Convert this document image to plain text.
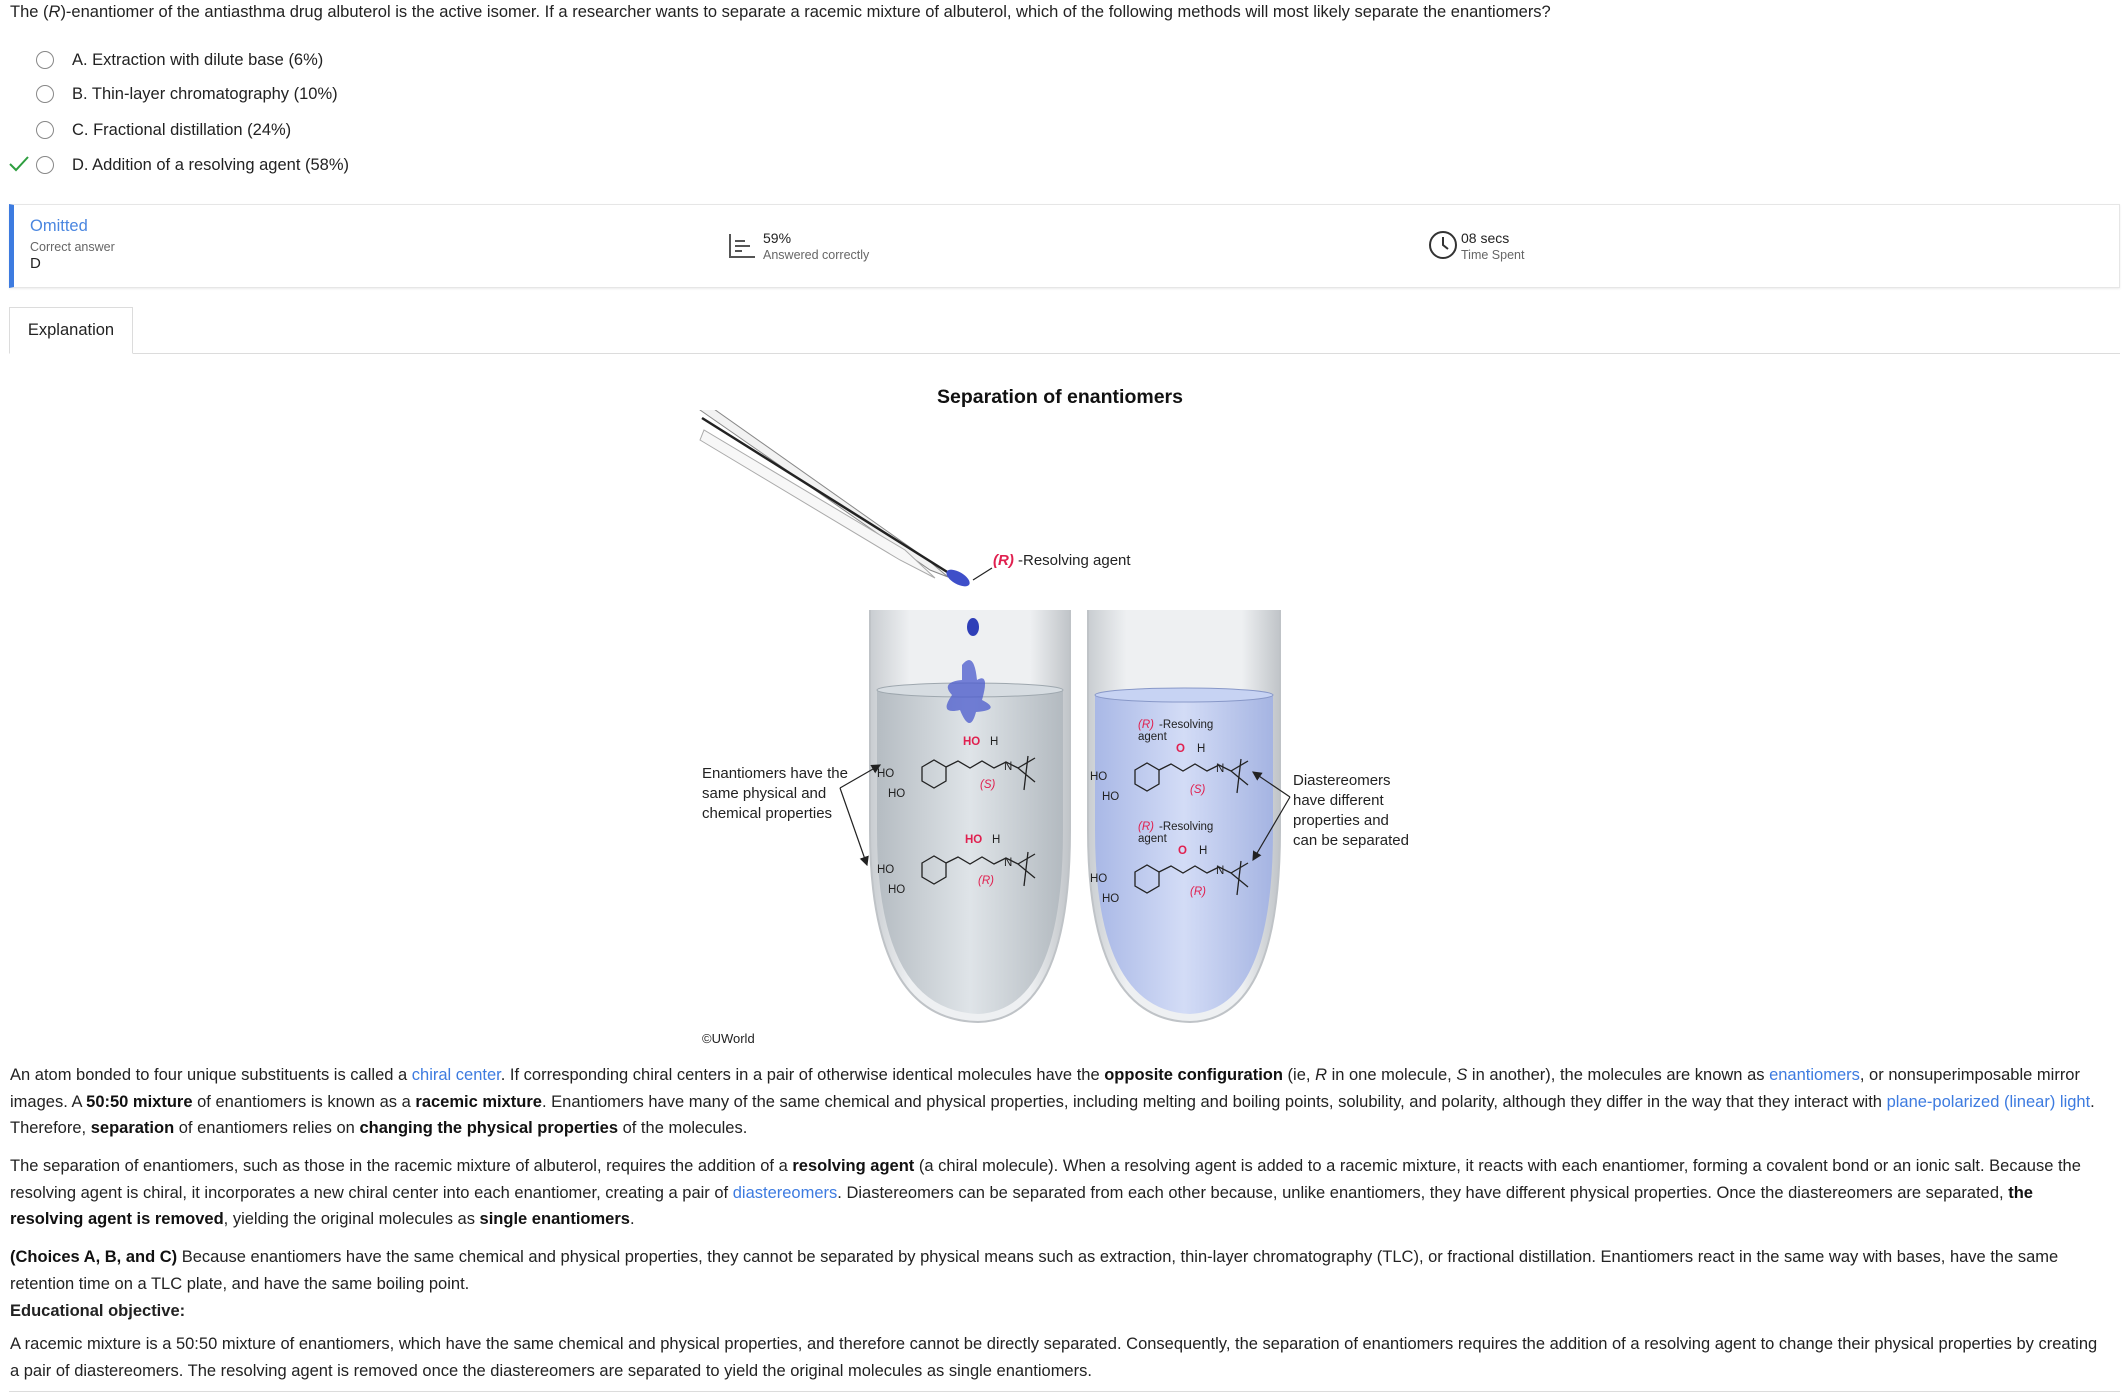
The (R)-enantiomer of the antiasthma drug albuterol is the active isomer. If a researcher wants to separate a racemic mixture of albuterol, which of the following methods will most likely separate the enantiomers?
A. Extraction with dilute base (6%)
B. Thin-layer chromatography (10%)
C. Fractional distillation (24%)
D. Addition of a resolving agent (58%)
Omitted
Correct answer
D
59%
Answered correctly
08 secs
Time Spent
Explanation
Separation of enantiomers
(R) -Resolving agent
HO H
HO
HO
(S)
N
HO H
HO
HO
(R)
N
(R) -Resolving
agent
O H
HO
HO
(S)
N
(R) -Resolving
agent
O H
HO
HO
(R)
N
Enantiomers have the
same physical and
chemical properties
Diastereomers
have different
properties and
can be separated
©UWorld
An atom bonded to four unique substituents is called a chiral center. If corresponding chiral centers in a pair of otherwise identical molecules have the opposite configuration (ie, R in one molecule, S in another), the molecules are known as enantiomers, or nonsuperimposable mirror images. A 50:50 mixture of enantiomers is known as a racemic mixture. Enantiomers have many of the same chemical and physical properties, including melting and boiling points, solubility, and polarity, although they differ in the way that they interact with plane-polarized (linear) light. Therefore, separation of enantiomers relies on changing the physical properties of the molecules.
The separation of enantiomers, such as those in the racemic mixture of albuterol, requires the addition of a resolving agent (a chiral molecule). When a resolving agent is added to a racemic mixture, it reacts with each enantiomer, forming a covalent bond or an ionic salt. Because the resolving agent is chiral, it incorporates a new chiral center into each enantiomer, creating a pair of diastereomers. Diastereomers can be separated from each other because, unlike enantiomers, they have different physical properties. Once the diastereomers are separated, the resolving agent is removed, yielding the original molecules as single enantiomers.
(Choices A, B, and C) Because enantiomers have the same chemical and physical properties, they cannot be separated by physical means such as extraction, thin-layer chromatography (TLC), or fractional distillation. Enantiomers react in the same way with bases, have the same retention time on a TLC plate, and have the same boiling point.
Educational objective:
A racemic mixture is a 50:50 mixture of enantiomers, which have the same chemical and physical properties, and therefore cannot be directly separated. Consequently, the separation of enantiomers requires the addition of a resolving agent to change their physical properties by creating a pair of diastereomers. The resolving agent is removed once the diastereomers are separated to yield the original molecules as single enantiomers.
